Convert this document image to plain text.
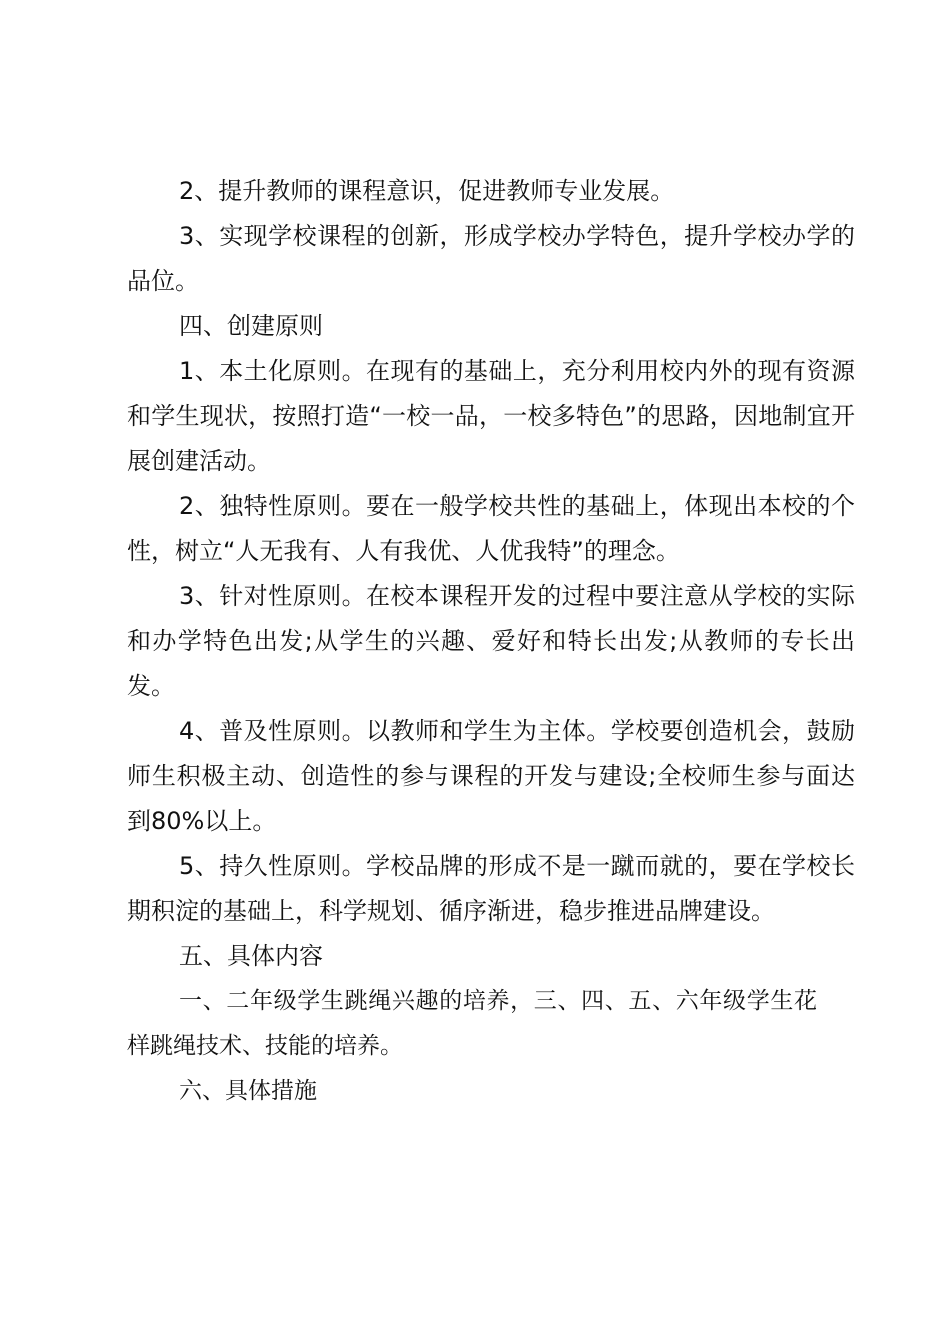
2、提升教师的课程意识，促进教师专业发展。

3、实现学校课程的创新，形成学校办学特色，提升学校办学的品位。

四、创建原则

1、本土化原则。在现有的基础上，充分利用校内外的现有资源和学生现状，按照打造“一校一品，一校多特色”的思路，因地制宜开展创建活动。

2、独特性原则。要在一般学校共性的基础上，体现出本校的个性，树立“人无我有、人有我优、人优我特”的理念。

3、针对性原则。在校本课程开发的过程中要注意从学校的实际和办学特色出发;从学生的兴趣、爱好和特长出发;从教师的专长出发。

4、普及性原则。以教师和学生为主体。学校要创造机会，鼓励师生积极主动、创造性的参与课程的开发与建设;全校师生参与面达到80%以上。

5、持久性原则。学校品牌的形成不是一蹴而就的，要在学校长期积淀的基础上，科学规划、循序渐进，稳步推进品牌建设。

五、具体内容

一、二年级学生跳绳兴趣的培养，三、四、五、六年级学生花样跳绳技术、技能的培养。

六、具体措施
